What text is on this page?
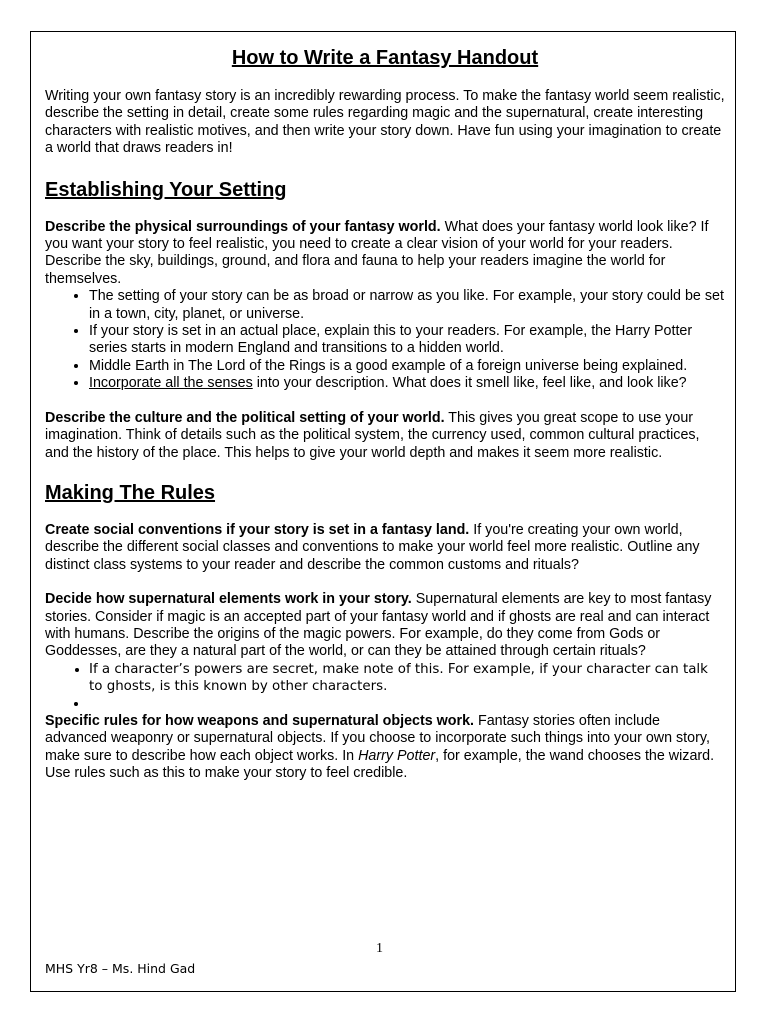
How to Write a Fantasy Handout

Writing your own fantasy story is an incredibly rewarding process. To make the fantasy world seem realistic, describe the setting in detail, create some rules regarding magic and the supernatural, create interesting characters with realistic motives, and then write your story down. Have fun using your imagination to create a world that draws readers in!

Establishing Your Setting

Describe the physical surroundings of your fantasy world. What does your fantasy world look like? If you want your story to feel realistic, you need to create a clear vision of your world for your readers. Describe the sky, buildings, ground, and flora and fauna to help your readers imagine the world for themselves.

• The setting of your story can be as broad or narrow as you like. For example, your story could be set in a town, city, planet, or universe.
• If your story is set in an actual place, explain this to your readers. For example, the Harry Potter series starts in modern England and transitions to a hidden world.
• Middle Earth in The Lord of the Rings is a good example of a foreign universe being explained.
• Incorporate all the senses into your description. What does it smell like, feel like, and look like?

Describe the culture and the political setting of your world. This gives you great scope to use your imagination. Think of details such as the political system, the currency used, common cultural practices, and the history of the place. This helps to give your world depth and makes it seem more realistic.

Making The Rules

Create social conventions if your story is set in a fantasy land. If you're creating your own world, describe the different social classes and conventions to make your world feel more realistic. Outline any distinct class systems to your reader and describe the common customs and rituals?

Decide how supernatural elements work in your story. Supernatural elements are key to most fantasy stories. Consider if magic is an accepted part of your fantasy world and if ghosts are real and can interact with humans. Describe the origins of the magic powers. For example, do they come from Gods or Goddesses, are they a natural part of the world, or can they be attained through certain rituals?

• If a character’s powers are secret, make note of this. For example, if your character can talk to ghosts, is this known by other characters.
•

Specific rules for how weapons and supernatural objects work. Fantasy stories often include advanced weaponry or supernatural objects. If you choose to incorporate such things into your own story, make sure to describe how each object works. In Harry Potter, for example, the wand chooses the wizard. Use rules such as this to make your story to feel credible.

1
MHS Yr8 – Ms. Hind Gad
